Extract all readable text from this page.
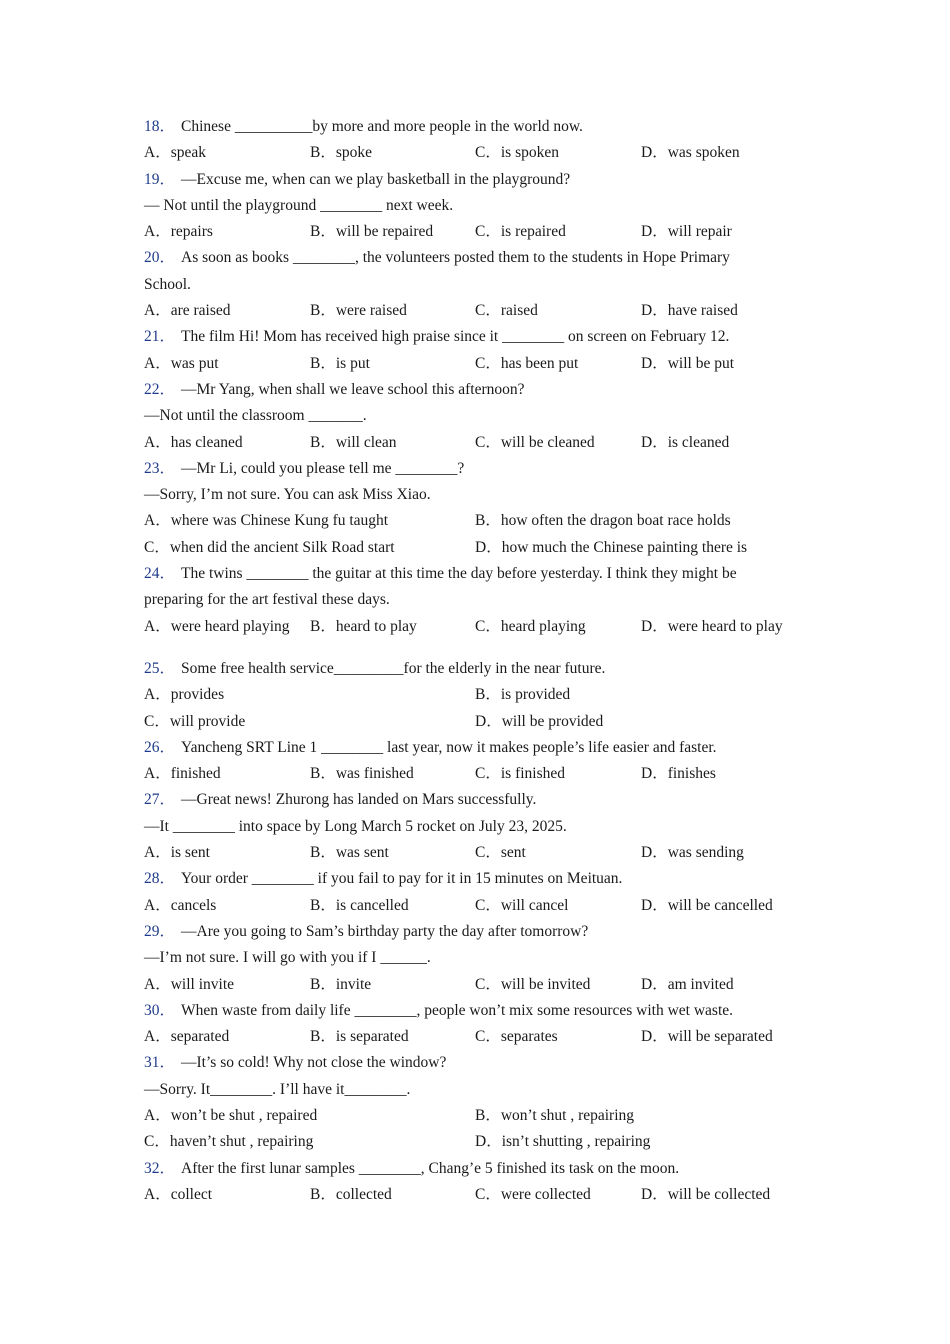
18． Chinese __________by more and more people in the world now.
A．speak	B．spoke	C．is spoken	D．was spoken
19． —Excuse me, when can we play basketball in the playground?
— Not until the playground ________ next week.
A．repairs	B．will be repaired	C．is repaired	D．will repair
20． As soon as books ________, the volunteers posted them to the students in Hope Primary
School.
A．are raised	B．were raised	C．raised	D．have raised
21． The film Hi! Mom has received high praise since it ________ on screen on February 12.
A．was put	B．is put	C．has been put	D．will be put
22． —Mr Yang, when shall we leave school this afternoon?
—Not until the classroom _______.
A．has cleaned	B．will clean	C．will be cleaned	D．is cleaned
23． —Mr Li, could you please tell me ________?
—Sorry, I’m not sure. You can ask Miss Xiao.
A．where was Chinese Kung fu taught	B．how often the dragon boat race holds
C．when did the ancient Silk Road start	D．how much the Chinese painting there is
24． The twins ________ the guitar at this time the day before yesterday. I think they might be
preparing for the art festival these days.
A．were heard playing B．heard to play	C．heard playing	D．were heard to play
25． Some free health service_________for the elderly in the near future.
A．provides	B．is provided
C．will provide	D．will be provided
26． Yancheng SRT Line 1 ________ last year, now it makes people’s life easier and faster.
A．finished	B．was finished	C．is finished	D．finishes
27． —Great news! Zhurong has landed on Mars successfully.
—It ________ into space by Long March 5 rocket on July 23, 2025.
A．is sent	B．was sent	C．sent	D．was sending
28． Your order ________ if you fail to pay for it in 15 minutes on Meituan.
A．cancels	B．is cancelled	C．will cancel	D．will be cancelled
29． —Are you going to Sam’s birthday party the day after tomorrow?
—I’m not sure. I will go with you if I ______.
A．will invite	B．invite	C．will be invited	D．am invited
30． When waste from daily life ________, people won’t mix some resources with wet waste.
A．separated	B．is separated	C．separates	D．will be separated
31． —It’s so cold! Why not close the window?
—Sorry. It________. I’ll have it________.
A．won’t be shut , repaired	B．won’t shut , repairing
C．haven’t shut , repairing	D．isn’t shutting , repairing
32． After the first lunar samples ________, Chang’e 5 finished its task on the moon.
A．collect	B．collected	C．were collected	D．will be collected
